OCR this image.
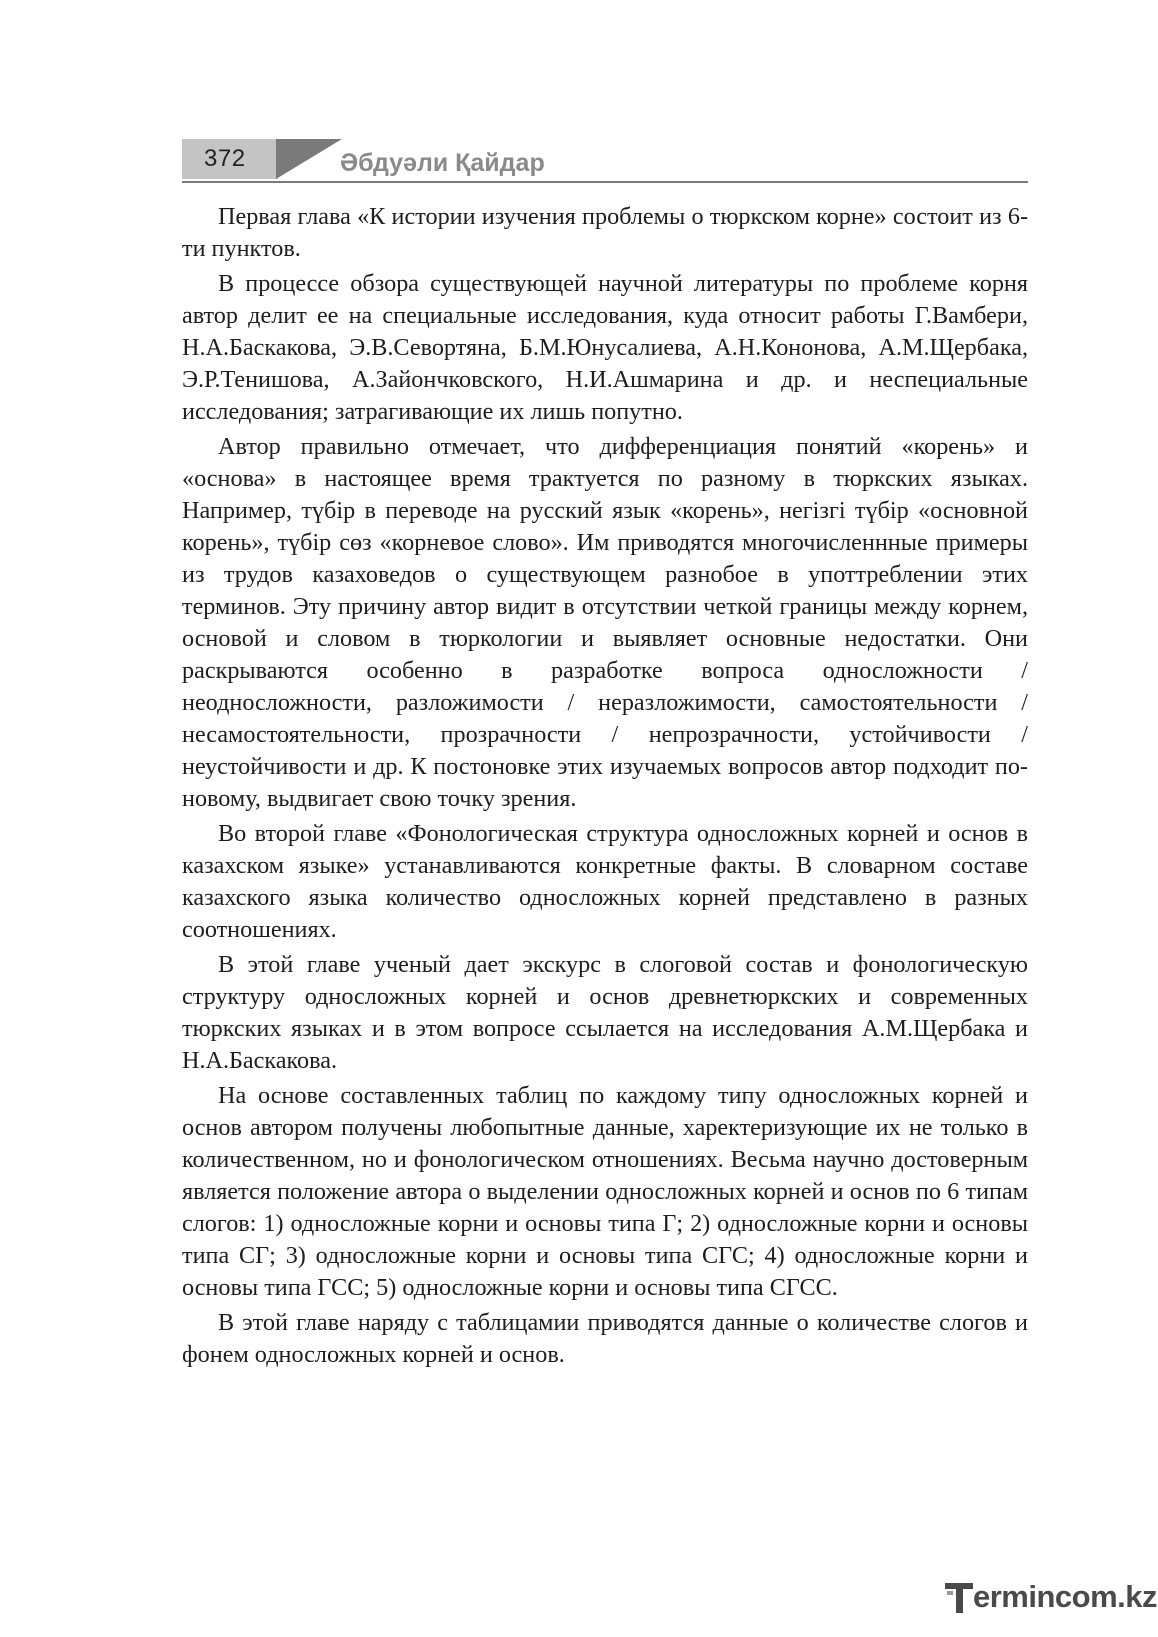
372	Әбдуәли Қайдар

Первая глава «К истории изучения проблемы о тюркском корне» состоит из 6-ти пунктов.

В процессе обзора существующей научной литературы по проблеме корня автор делит ее на специальные исследования, куда относит работы Г.Вамбери, Н.А.Баскакова, Э.В.Севортяна, Б.М.Юнусалиева, А.Н.Кононова, А.М.Щербака, Э.Р.Тенишова, А.Зайончковского, Н.И.Ашмарина и др. и неспециальные исследования; затрагивающие их лишь попутно.

Автор правильно отмечает, что дифференциация понятий «корень» и «основа» в настоящее время трактуется по разному в тюркских языках. Например, түбір в переводе на русский язык «корень», негізгі түбір «основной корень», түбір сөз «корневое слово». Им приводятся многочисленнные примеры из трудов казаховедов о существующем разнобое в употтреблении этих терминов. Эту причину автор видит в отсутствии четкой границы между корнем, основой и словом в тюркологии и выявляет основные недостатки. Они раскрываются особенно в разработке вопроса односложности / неодносложности, разложимости / неразложимости, самостоятельности / несамостоятельности, прозрачности / непрозрачности, устойчивости / неустойчивости и др. К постоновке этих изучаемых вопросов автор подходит по-новому, выдвигает свою точку зрения.

Во второй главе «Фонологическая структура односложных корней и основ в казахском языке» устанавливаются конкретные факты. В словарном составе казахского языка количество односложных корней представлено в разных соотношениях.

В этой главе ученый дает экскурс в слоговой состав и фонологическую структуру односложных корней и основ древнетюркских и современных тюркских языках и в этом вопросе ссылается на исследования А.М.Щербака и Н.А.Баскакова.

На основе составленных таблиц по каждому типу односложных корней и основ автором получены любопытные данные, харектеризующие их не только в количественном, но и фонологическом отношениях. Весьма научно достоверным является положение автора о выделении односложных корней и основ по 6 типам слогов: 1) односложные корни и основы типа Г; 2) односложные корни и основы типа СГ; 3) односложные корни и основы типа СГС; 4) односложные корни и основы типа ГСС; 5) односложные корни и основы типа СГСС.

В этой главе наряду с таблицамии приводятся данные о количестве слогов и фонем односложных корней и основ.

ermincom.kz
